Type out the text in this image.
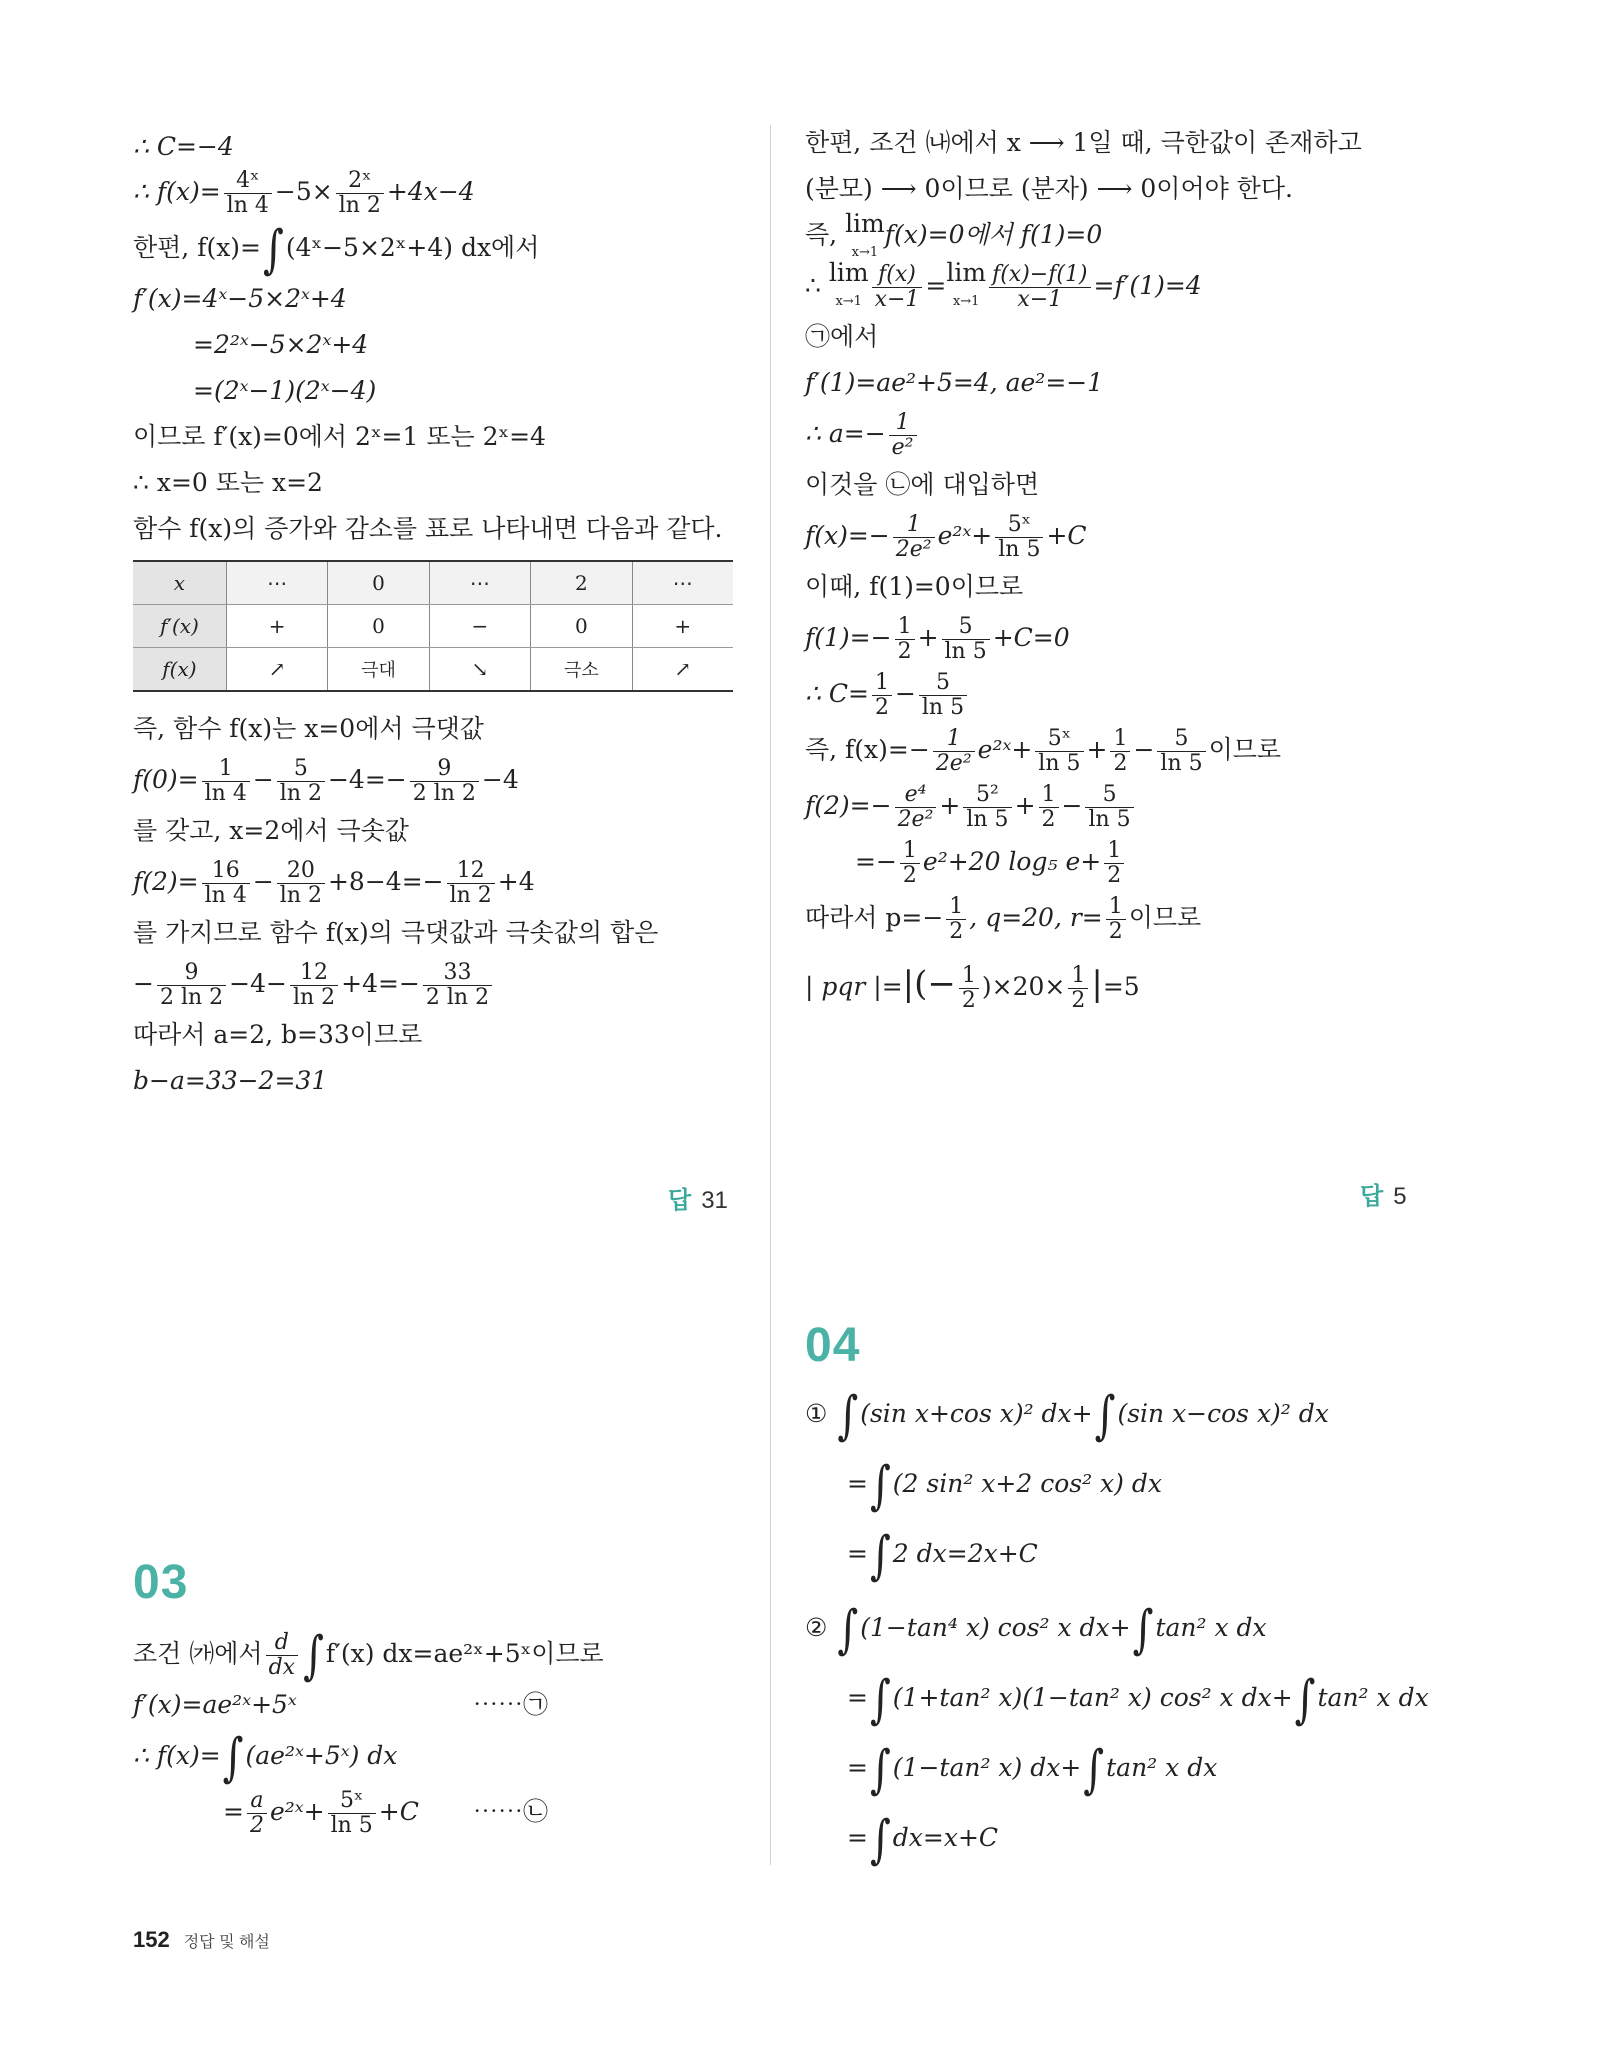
∴ C=−4
∴ $f(x)= \frac{\text{4ˣ}}{\ln 4} -5\times \frac{\text{2ˣ}}{\ln 2} +4x-4$
한편, f(x)=∫(4ˣ−5×2ˣ+4) dx에서
f′(x)=4ˣ−5×2ˣ+4
=2²ˣ−5×2ˣ+4
=(2ˣ−1)(2ˣ−4)
이므로 f′(x)=0에서 2ˣ=1 또는 2ˣ=4
∴ x=0 또는 x=2
함수 f(x)의 증가와 감소를 표로 나타내면 다음과 같다.
x	⋯	0	⋯	2	⋯
f′(x)	+	0	−	0	+
f(x)	↗	극대	↘	극소	↗
즉, 함수 f(x)는 x=0에서 극댓값
$f(0)= \frac{1}{\ln 4} - \frac{5}{\ln 2} -4=- \frac{9}{2 \ln 2} -4$
를 갖고, x=2에서 극솟값
$f(2)= \frac{16}{\ln 4} - \frac{20}{\ln 2} +8-4=- \frac{12}{\ln 2} +4$
를 가지므로 함수 f(x)의 극댓값과 극솟값의 합은
− $\frac{9}{2 \ln 2} -4- \frac{12}{\ln 2} +4=- \frac{33}{2 \ln 2}$
따라서 a=2, b=33이므로
b−a=33−2=31
답 31
03
조건 ㈎에서 $\frac{d}{dx} \int f'(x)$ dx=ae²ˣ+5ˣ이므로
f′(x)=ae²ˣ+5ˣ	⋯⋯㉠
∴ f(x)=∫(ae²ˣ+5ˣ) dx
= $\frac{a}{2}$ e²ˣ+ $\frac{\text{5ˣ}}{\ln 5} +C$ ⋯⋯㉡
한편, 조건 ㈏에서 x ⟶ 1일 때, 극한값이 존재하고
(분모) ⟶ 0이므로 (분자) ⟶ 0이어야 한다.
즉, lim
x→1f(x)=0에서 f(1)=0
∴ lim
$x\to 1 \frac{f(x)}{x-1} =\lim$
$x\to 1 \frac{f(x)-f(1)}{x-1} =f'(1)=4$
㉠에서
f′(1)=ae²+5=4, ae²=−1
∴ $a=- \frac{1}{\text{e²}}$
이것을 ㉡에 대입하면
$f(x)=- \frac{1}{\text{2e²}}$ e²ˣ+ $\frac{\text{5ˣ}}{\ln 5} +C$
이때, f(1)=0이므로
$f(1)=- \frac{1}{2} + \frac{5}{\ln 5} +C=0$
∴ $C= \frac{1}{2} - \frac{5}{\ln 5}$
즉, $f(x)=- \frac{1}{\text{2e²}}$ e²ˣ+ $\frac{\text{5ˣ}}{\ln 5} + \frac{1}{2} - \frac{5}{\ln 5}$ 이므로
$f(2)=- \frac{\text{e⁴}}{\text{2e²}} + \frac{\text{5²}}{\ln 5} + \frac{1}{2} - \frac{5}{\ln 5}$
=− $\frac{1}{2} e^2+20$ log₅ $e+ \frac{1}{2}$
따라서 $p=- \frac{1}{2}$ , q=20, $r= \frac{1}{2}$ 이므로
| pqr |=|(− $\frac{1}{2} )\times 20\times \frac{1}{2} |=5$
답 5
04
① ∫(sin x+cos x)² dx+∫(sin x−cos x)² dx
=∫(2 sin² x+2 cos² x) dx
=∫2 dx=2x+C
② ∫(1−tan⁴ x) cos² x dx+∫tan² x dx
=∫(1+tan² x)(1−tan² x) cos² x dx+∫tan² x dx
=∫(1−tan² x) dx+∫tan² x dx
=∫dx=x+C
152 정답 및 해설
